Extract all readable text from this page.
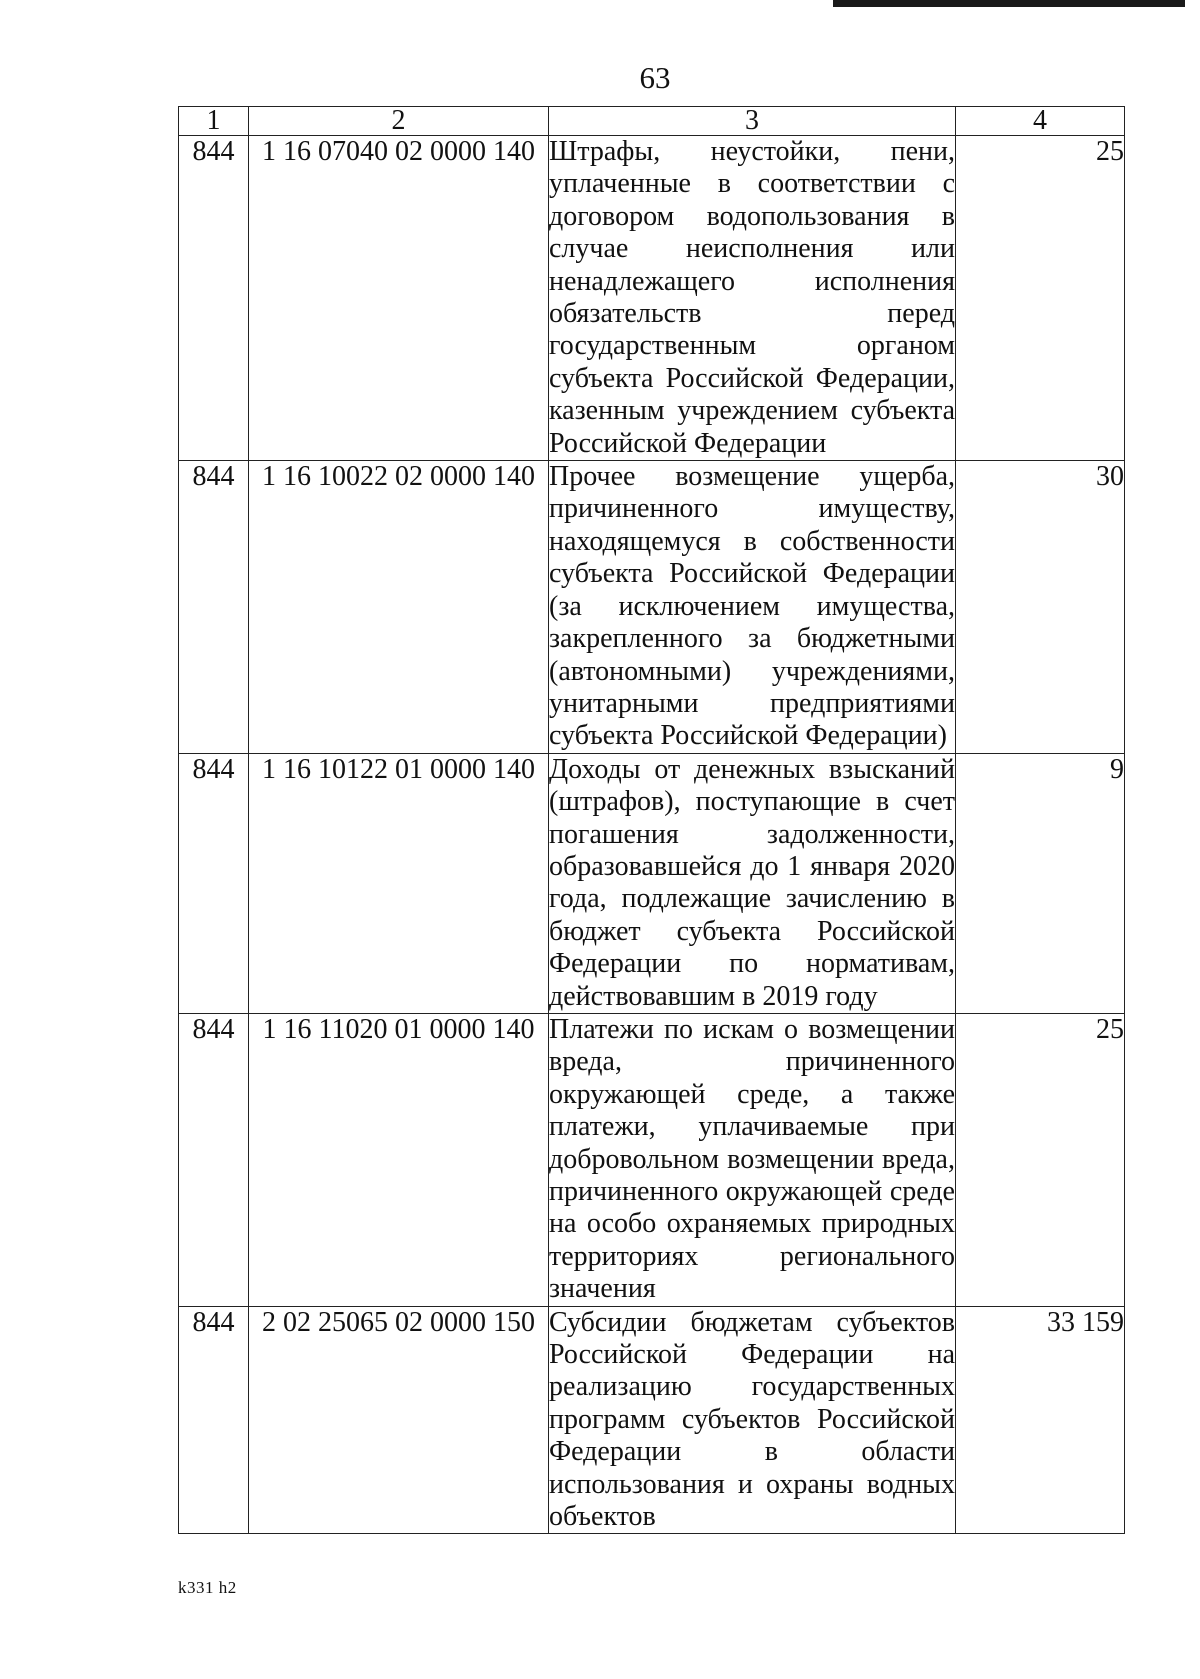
63
1	2	3	4
844	1 16 07040 02 0000 140	Штрафы, неустойки, пени, уплаченные в соответствии с договором водопользования в случае неисполнения или ненадлежащего исполнения обязательств перед государственным органом субъекта Российской Федерации, казенным учреждением субъекта Российской Федерации	25
844	1 16 10022 02 0000 140	Прочее возмещение ущерба, причиненного имуществу, находящемуся в собственности субъекта Российской Федерации (за исключением имущества, закрепленного за бюджетными (автономными) учреждениями, унитарными предприятиями субъекта Российской Федерации)	30
844	1 16 10122 01 0000 140	Доходы от денежных взысканий (штрафов), поступающие в счет погашения задолженности, образовавшейся до 1 января 2020 года, подлежащие зачислению в бюджет субъекта Российской Федерации по нормативам, действовавшим в 2019 году	9
844	1 16 11020 01 0000 140	Платежи по искам о возмещении вреда, причиненного окружающей среде, а также платежи, уплачиваемые при добровольном возмещении вреда, причиненного окружающей среде на особо охраняемых природных территориях регионального значения	25
844	2 02 25065 02 0000 150	Субсидии бюджетам субъектов Российской Федерации на реализацию государственных программ субъектов Российской Федерации в области использования и охраны водных объектов	33 159
k331 h2
